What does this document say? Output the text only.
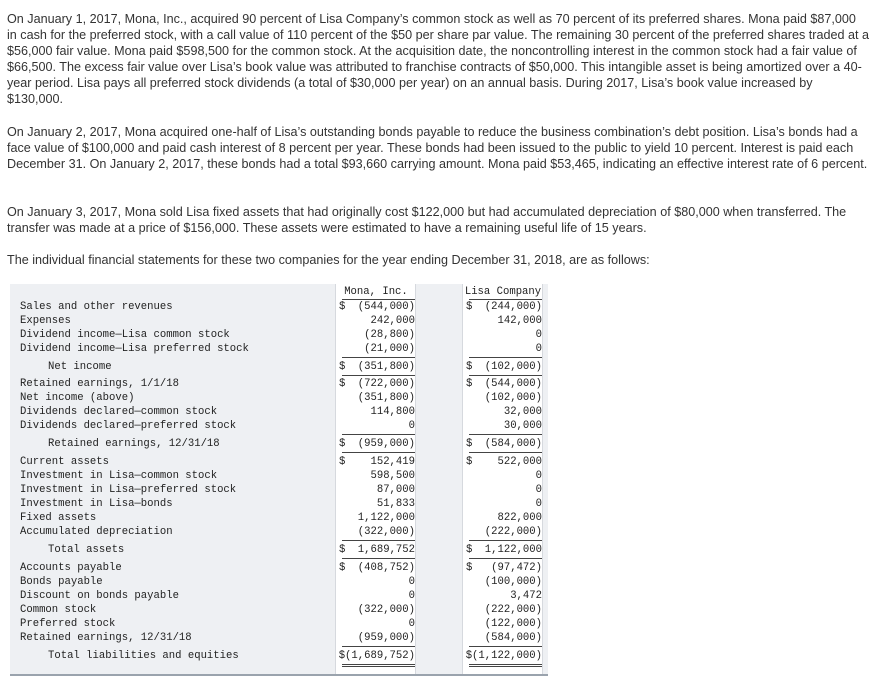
On January 1, 2017, Mona, Inc., acquired 90 percent of Lisa Company’s common stock as well as 70 percent of its preferred shares. Mona paid $87,000 in cash for the preferred stock, with a call value of 110 percent of the $50 per share par value. The remaining 30 percent of the preferred shares traded at a $56,000 fair value. Mona paid $598,500 for the common stock. At the acquisition date, the noncontrolling interest in the common stock had a fair value of $66,500. The excess fair value over Lisa’s book value was attributed to franchise contracts of $50,000. This intangible asset is being amortized over a 40-year period. Lisa pays all preferred stock dividends (a total of $30,000 per year) on an annual basis. During 2017, Lisa’s book value increased by $130,000.

On January 2, 2017, Mona acquired one-half of Lisa’s outstanding bonds payable to reduce the business combination’s debt position. Lisa’s bonds had a face value of $100,000 and paid cash interest of 8 percent per year. These bonds had been issued to the public to yield 10 percent. Interest is paid each December 31. On January 2, 2017, these bonds had a total $93,660 carrying amount. Mona paid $53,465, indicating an effective interest rate of 6 percent.

On January 3, 2017, Mona sold Lisa fixed assets that had originally cost $122,000 but had accumulated depreciation of $80,000 when transferred. The transfer was made at a price of $156,000. These assets were estimated to have a remaining useful life of 15 years.

The individual financial statements for these two companies for the year ending December 31, 2018, are as follows:

Mona, Inc.	Lisa Company
Sales and other revenues	$	(544,000)	$	(244,000)
Expenses	242,000	142,000
Dividend income—Lisa common stock	(28,800)	0
Dividend income—Lisa preferred stock	(21,000)	0
Net income	$	(351,800)	$	(102,000)
Retained earnings, 1/1/18	$	(722,000)	$	(544,000)
Net income (above)	(351,800)	(102,000)
Dividends declared—common stock	114,800	32,000
Dividends declared—preferred stock	0	30,000
Retained earnings, 12/31/18	$	(959,000)	$	(584,000)
Current assets	$	152,419	$	522,000
Investment in Lisa—common stock	598,500	0
Investment in Lisa—preferred stock	87,000	0
Investment in Lisa—bonds	51,833	0
Fixed assets	1,122,000	822,000
Accumulated depreciation	(322,000)	(222,000)
Total assets	$	1,689,752	$	1,122,000
Accounts payable	$	(408,752)	$	(97,472)
Bonds payable	0	(100,000)
Discount on bonds payable	0	3,472
Common stock	(322,000)	(222,000)
Preferred stock	0	(122,000)
Retained earnings, 12/31/18	(959,000)	(584,000)
Total liabilities and equities	$(1,689,752)	$(1,122,000)
